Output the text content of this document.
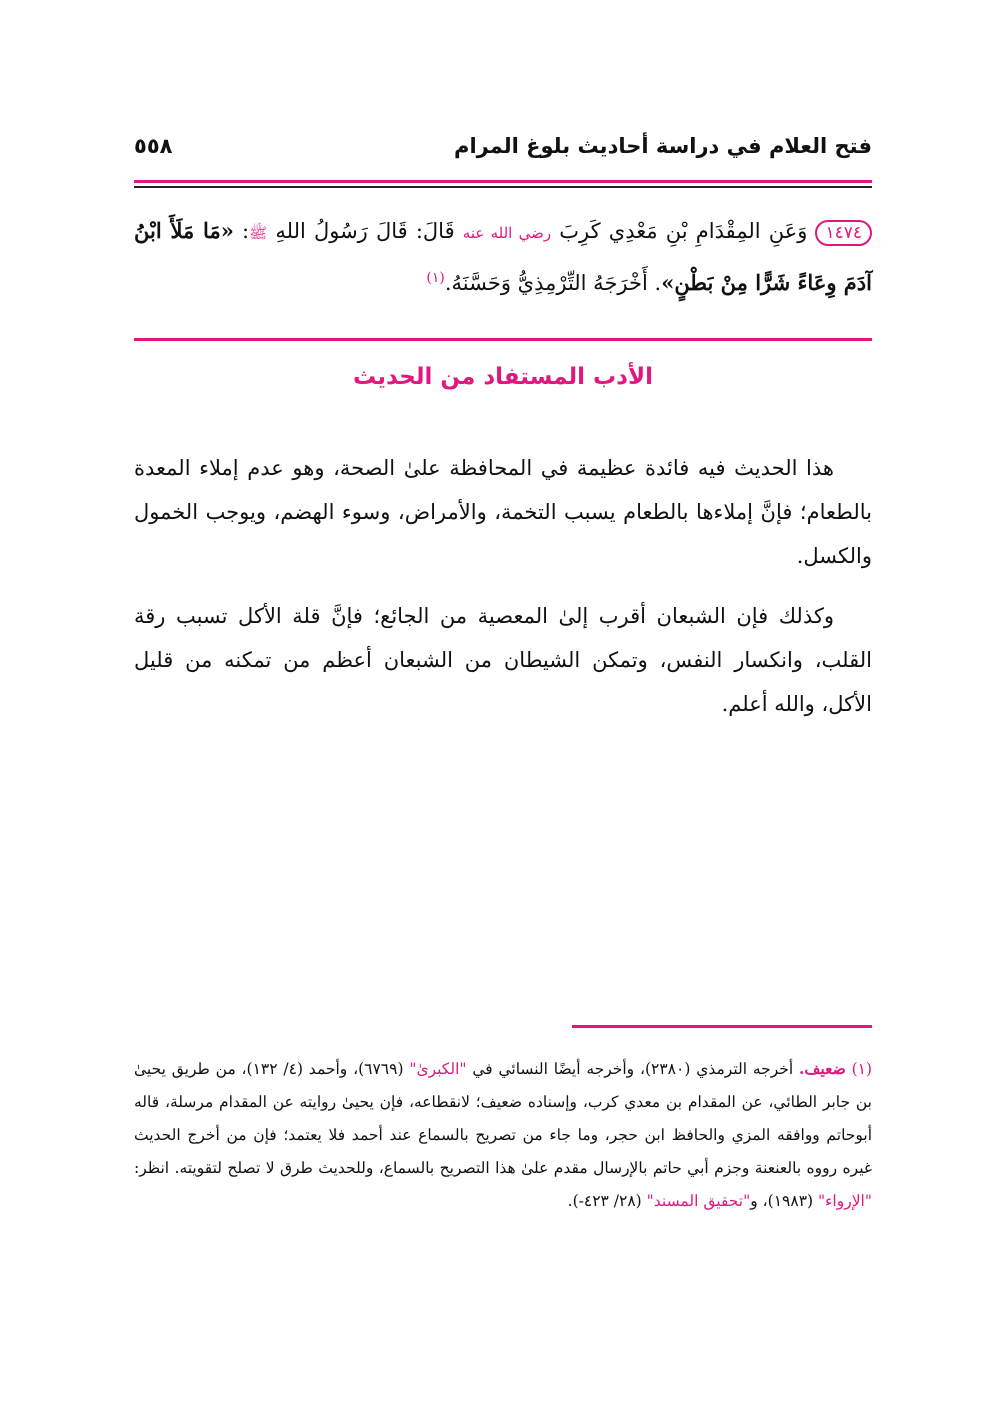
فتح العلام في دراسة أحاديث بلوغ المرام
٥٥٨
١٤٧٤وَعَنِ المِقْدَامِ بْنِ مَعْدِي كَرِبَ رضي الله عنه قَالَ: قَالَ رَسُولُ اللهِ ﷺ: «مَا مَلَأَ ابْنُ آدَمَ وِعَاءً شَرًّا مِنْ بَطْنٍ». أَخْرَجَهُ التِّرْمِذِيُّ وَحَسَّنَهُ.$^{(١)}$
الأدب المستفاد من الحديث

هذا الحديث فيه فائدة عظيمة في المحافظة علىٰ الصحة، وهو عدم إملاء المعدة بالطعام؛ فإنَّ إملاءها بالطعام يسبب التخمة، والأمراض، وسوء الهضم، ويوجب الخمول والكسل.

وكذلك فإن الشبعان أقرب إلىٰ المعصية من الجائع؛ فإنَّ قلة الأكل تسبب رقة القلب، وانكسار النفس، وتمكن الشيطان من الشبعان أعظم من تمكنه من قليل الأكل، والله أعلم.

(١) ضعيف. أخرجه الترمذي (٢٣٨٠)، وأخرجه أيضًا النسائي في "الكبرىٰ" (٦٧٦٩)، وأحمد (٤/ ١٣٢)، من طريق يحيىٰ بن جابر الطائي، عن المقدام بن معدي كرب، وإسناده ضعيف؛ لانقطاعه، فإن يحيىٰ روايته عن المقدام مرسلة، قاله أبوحاتم ووافقه المزي والحافظ ابن حجر، وما جاء من تصريح بالسماع عند أحمد فلا يعتمد؛ فإن من أخرج الحديث غيره رووه بالعنعنة وجزم أبي حاتم بالإرسال مقدم علىٰ هذا التصريح بالسماع، وللحديث طرق لا تصلح لتقويته. انظر: "الإرواء" (١٩٨٣)، و"تحقيق المسند" (٢٨/ ٤٢٣-).
